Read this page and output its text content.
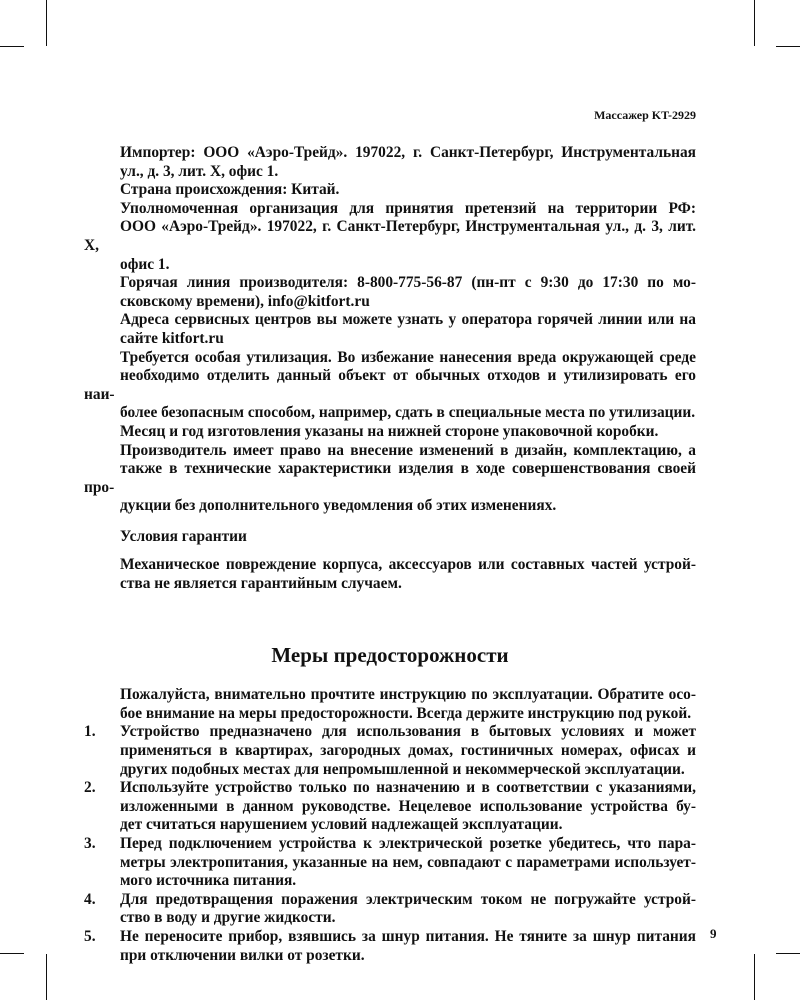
Массажер KT-2929
Импортер: ООО «Аэро-Трейд». 197022, г. Санкт-Петербург, Инструментальная
ул., д. 3, лит. Х, офис 1.
Страна происхождения: Китай.
Уполномоченная организация для принятия претензий на территории РФ:
ООО «Аэро-Трейд». 197022, г. Санкт-Петербург, Инструментальная ул., д. 3, лит. Х,
офис 1.
Горячая линия производителя: 8-800-775-56-87 (пн-пт с 9:30 до 17:30 по мо-
сковскому времени), info@kitfort.ru
Адреса сервисных центров вы можете узнать у оператора горячей линии или на
сайте kitfort.ru
Требуется особая утилизация. Во избежание нанесения вреда окружающей среде
необходимо отделить данный объект от обычных отходов и утилизировать его наи-
более безопасным способом, например, сдать в специальные места по утилизации.
Месяц и год изготовления указаны на нижней стороне упаковочной коробки.
Производитель имеет право на внесение изменений в дизайн, комплектацию, а
также в технические характеристики изделия в ходе совершенствования своей про-
дукции без дополнительного уведомления об этих изменениях.
Условия гарантии
Механическое повреждение корпуса, аксессуаров или составных частей устрой-
ства не является гарантийным случаем.
Меры предосторожности
Пожалуйста, внимательно прочтите инструкцию по эксплуатации. Обратите осо-
бое внимание на меры предосторожности. Всегда держите инструкцию под рукой.
1. Устройство предназначено для использования в бытовых условиях и может
применяться в квартирах, загородных домах, гостиничных номерах, офисах и
других подобных местах для непромышленной и некоммерческой эксплуатации.
2. Используйте устройство только по назначению и в соответствии с указаниями,
изложенными в данном руководстве. Нецелевое использование устройства бу-
дет считаться нарушением условий надлежащей эксплуатации.
3. Перед подключением устройства к электрической розетке убедитесь, что пара-
метры электропитания, указанные на нем, совпадают с параметрами использует-
мого источника питания.
4. Для предотвращения поражения электрическим током не погружайте устрой-
ство в воду и другие жидкости.
5. Не переносите прибор, взявшись за шнур питания. Не тяните за шнур питания
при отключении вилки от розетки.
9
